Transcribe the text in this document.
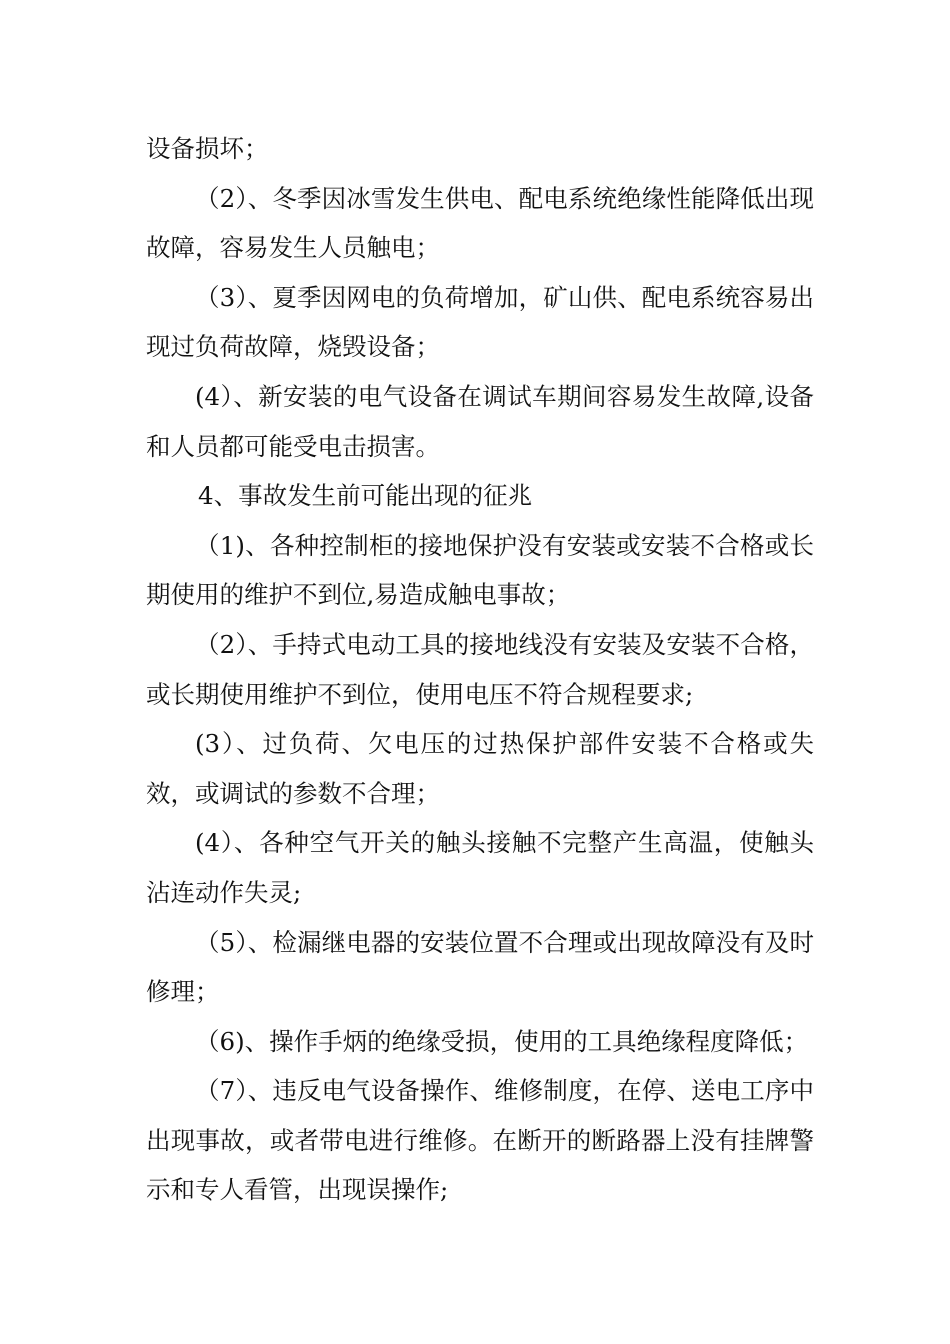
设备损坏；

（2）、冬季因冰雪发生供电、配电系统绝缘性能降低出现故障，容易发生人员触电；

（3）、夏季因网电的负荷增加，矿山供、配电系统容易出现过负荷故障，烧毁设备；

(4）、新安装的电气设备在调试车期间容易发生故障,设备和人员都可能受电击损害。

4、事故发生前可能出现的征兆

（1)、各种控制柜的接地保护没有安装或安装不合格或长期使用的维护不到位,易造成触电事故；

（2）、手持式电动工具的接地线没有安装及安装不合格，或长期使用维护不到位，使用电压不符合规程要求;

(3）、过负荷、欠电压的过热保护部件安装不合格或失效，或调试的参数不合理；

(4）、各种空气开关的触头接触不完整产生高温，使触头沾连动作失灵;

（5）、检漏继电器的安装位置不合理或出现故障没有及时修理；

（6)、操作手炳的绝缘受损，使用的工具绝缘程度降低；

（7）、违反电气设备操作、维修制度，在停、送电工序中出现事故，或者带电进行维修。在断开的断路器上没有挂牌警示和专人看管，出现误操作;
